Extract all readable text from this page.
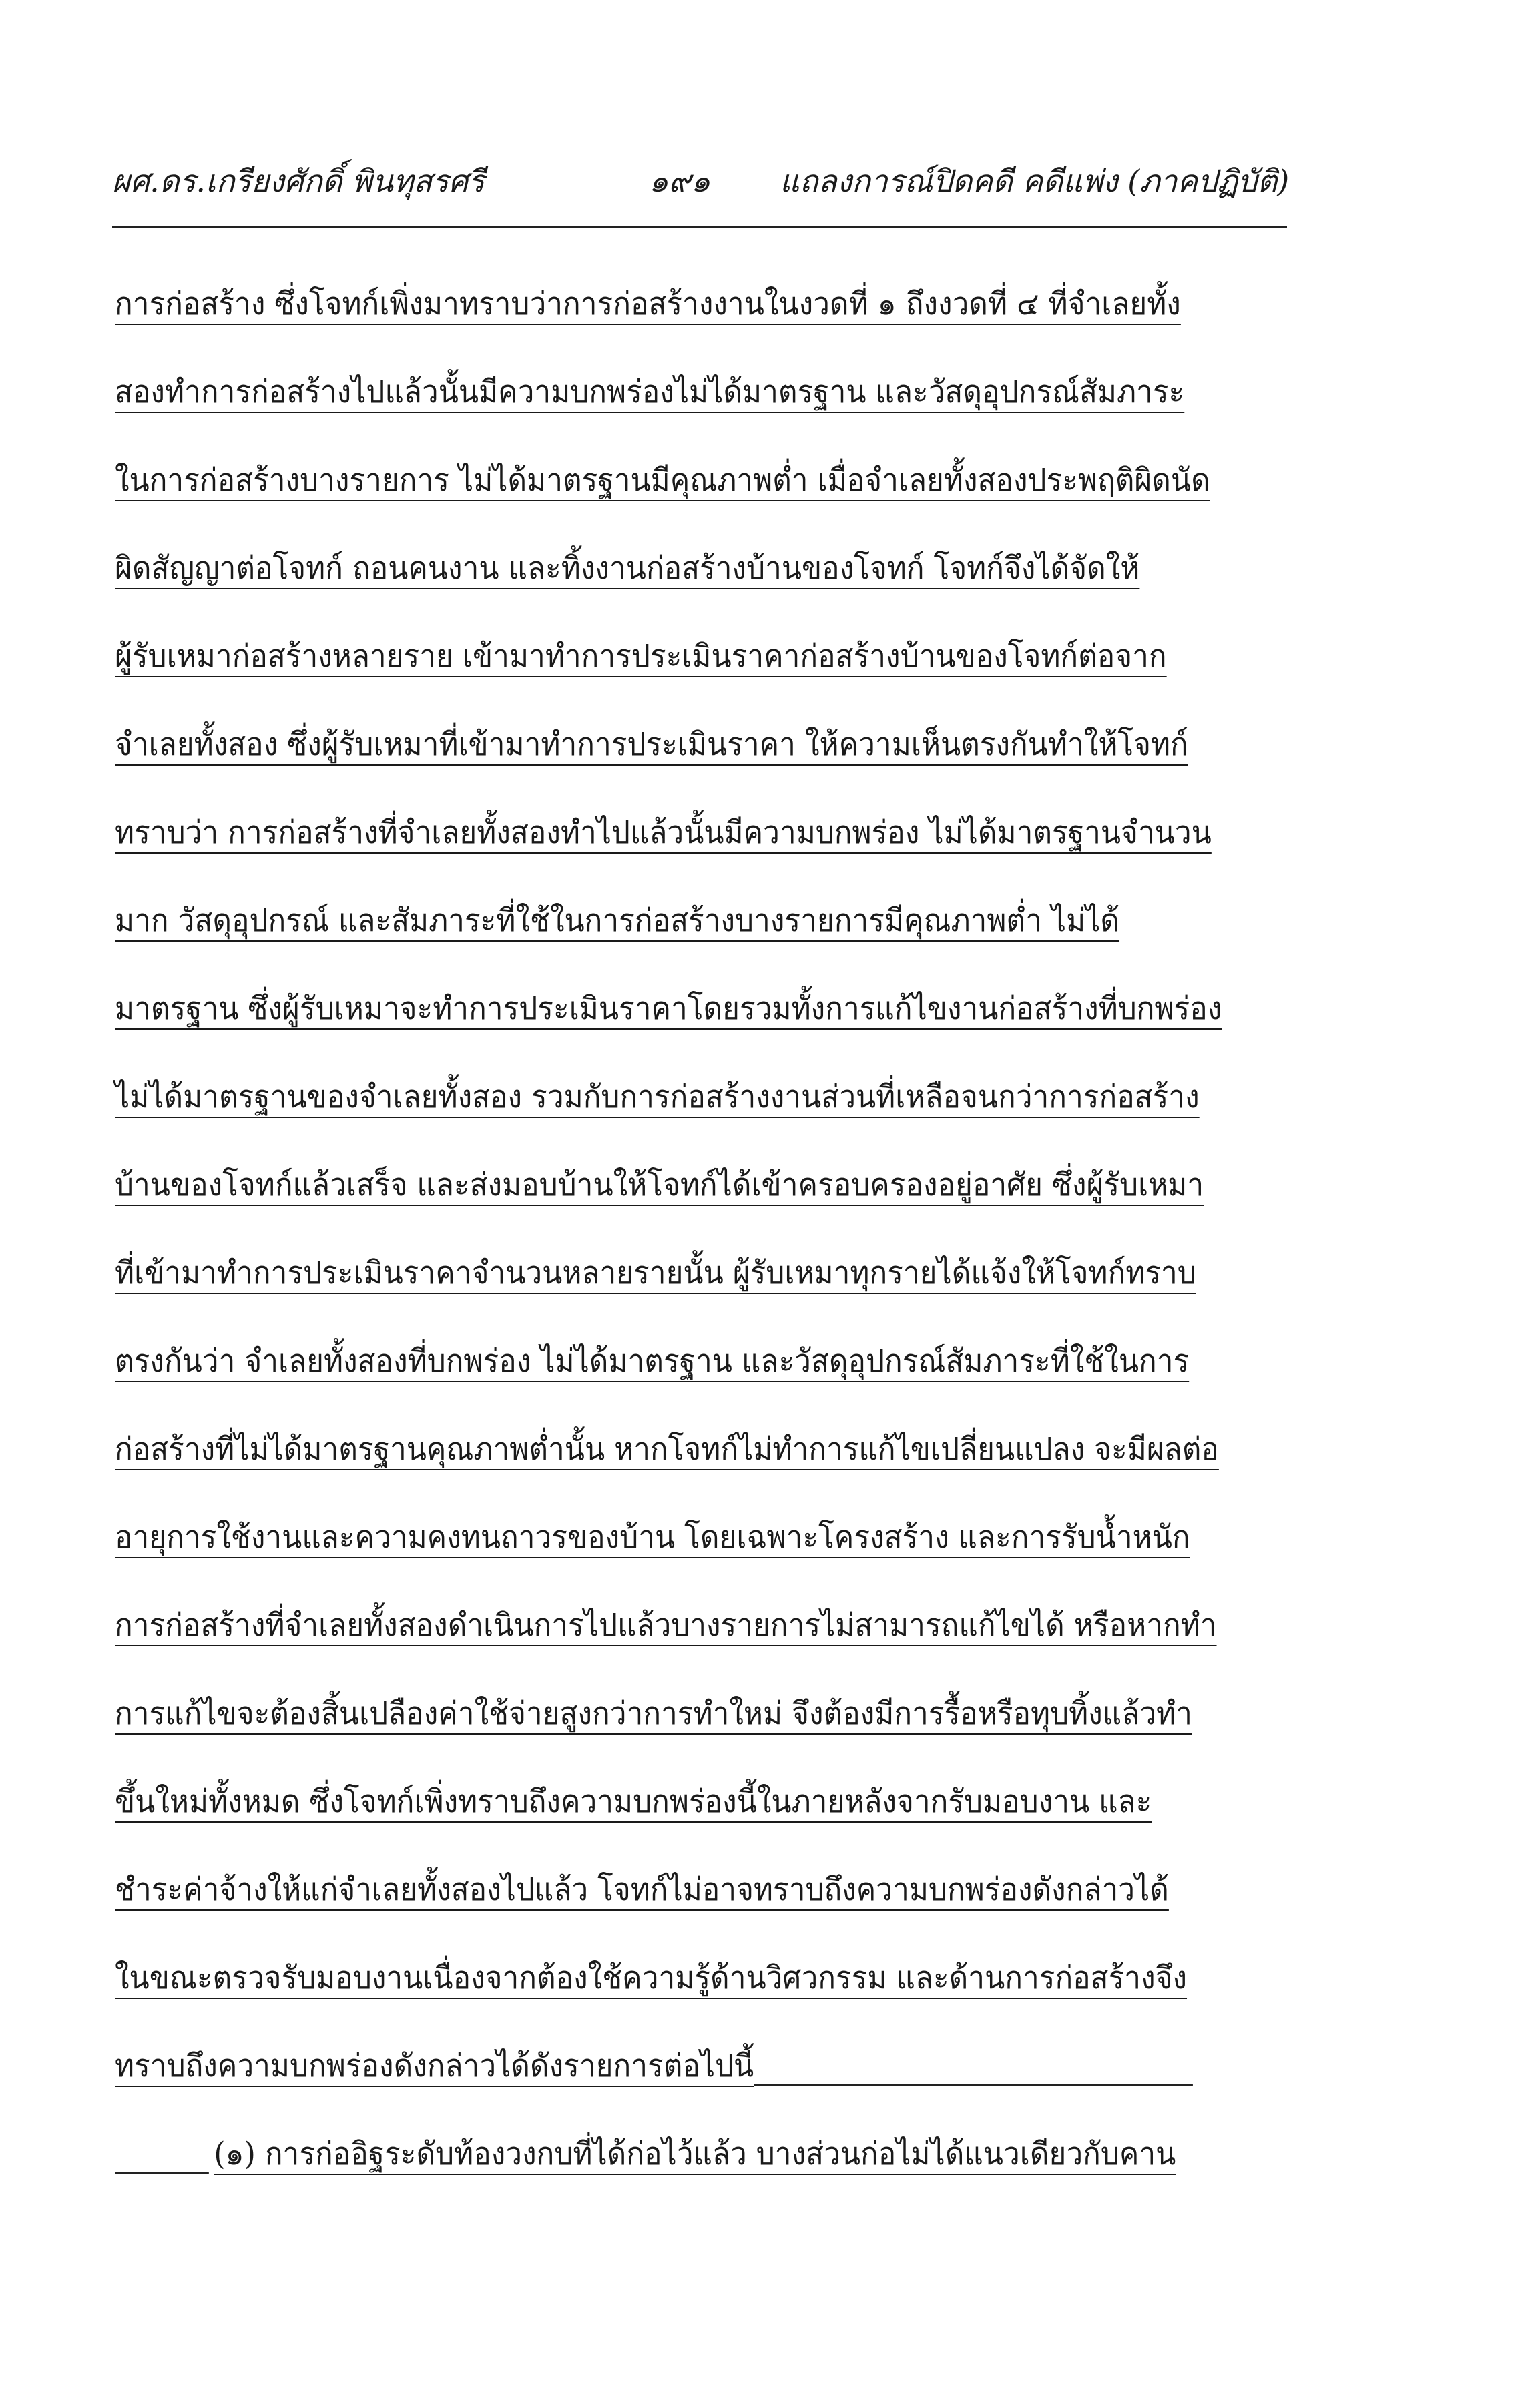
ผศ.ดร.เกรียงศักดิ์ พินทุสรศรี	๑๙๑ แถลงการณ์ปิดคดี คดีแพ่ง (ภาคปฏิบัติ)
การก่อสร้าง ซึ่งโจทก์เพิ่งมาทราบว่าการก่อสร้างงานในงวดที่ ๑ ถึงงวดที่ ๔ ที่จำเลยทั้ง
สองทำการก่อสร้างไปแล้วนั้นมีความบกพร่องไม่ได้มาตรฐาน และวัสดุอุปกรณ์สัมภาระ
ในการก่อสร้างบางรายการ ไม่ได้มาตรฐานมีคุณภาพต่ำ เมื่อจำเลยทั้งสองประพฤติผิดนัด
ผิดสัญญาต่อโจทก์ ถอนคนงาน และทิ้งงานก่อสร้างบ้านของโจทก์ โจทก์จึงได้จัดให้
ผู้รับเหมาก่อสร้างหลายราย เข้ามาทำการประเมินราคาก่อสร้างบ้านของโจทก์ต่อจาก
จำเลยทั้งสอง ซึ่งผู้รับเหมาที่เข้ามาทำการประเมินราคา ให้ความเห็นตรงกันทำให้โจทก์
ทราบว่า การก่อสร้างที่จำเลยทั้งสองทำไปแล้วนั้นมีความบกพร่อง ไม่ได้มาตรฐานจำนวน
มาก วัสดุอุปกรณ์ และสัมภาระที่ใช้ในการก่อสร้างบางรายการมีคุณภาพต่ำ ไม่ได้
มาตรฐาน ซึ่งผู้รับเหมาจะทำการประเมินราคาโดยรวมทั้งการแก้ไขงานก่อสร้างที่บกพร่อง
ไม่ได้มาตรฐานของจำเลยทั้งสอง รวมกับการก่อสร้างงานส่วนที่เหลือจนกว่าการก่อสร้าง
บ้านของโจทก์แล้วเสร็จ และส่งมอบบ้านให้โจทก์ได้เข้าครอบครองอยู่อาศัย ซึ่งผู้รับเหมา
ที่เข้ามาทำการประเมินราคาจำนวนหลายรายนั้น ผู้รับเหมาทุกรายได้แจ้งให้โจทก์ทราบ
ตรงกันว่า จำเลยทั้งสองที่บกพร่อง ไม่ได้มาตรฐาน และวัสดุอุปกรณ์สัมภาระที่ใช้ในการ
ก่อสร้างที่ไม่ได้มาตรฐานคุณภาพต่ำนั้น หากโจทก์ไม่ทำการแก้ไขเปลี่ยนแปลง จะมีผลต่อ
อายุการใช้งานและความคงทนถาวรของบ้าน โดยเฉพาะโครงสร้าง และการรับน้ำหนัก
การก่อสร้างที่จำเลยทั้งสองดำเนินการไปแล้วบางรายการไม่สามารถแก้ไขได้ หรือหากทำ
การแก้ไขจะต้องสิ้นเปลืองค่าใช้จ่ายสูงกว่าการทำใหม่ จึงต้องมีการรื้อหรือทุบทิ้งแล้วทำ
ขึ้นใหม่ทั้งหมด ซึ่งโจทก์เพิ่งทราบถึงความบกพร่องนี้ในภายหลังจากรับมอบงาน และ
ชำระค่าจ้างให้แก่จำเลยทั้งสองไปแล้ว โจทก์ไม่อาจทราบถึงความบกพร่องดังกล่าวได้
ในขณะตรวจรับมอบงานเนื่องจากต้องใช้ความรู้ด้านวิศวกรรม และด้านการก่อสร้างจึง
ทราบถึงความบกพร่องดังกล่าวได้ดังรายการต่อไปนี้
(๑) การก่ออิฐระดับท้องวงกบที่ได้ก่อไว้แล้ว บางส่วนก่อไม่ได้แนวเดียวกับคาน
